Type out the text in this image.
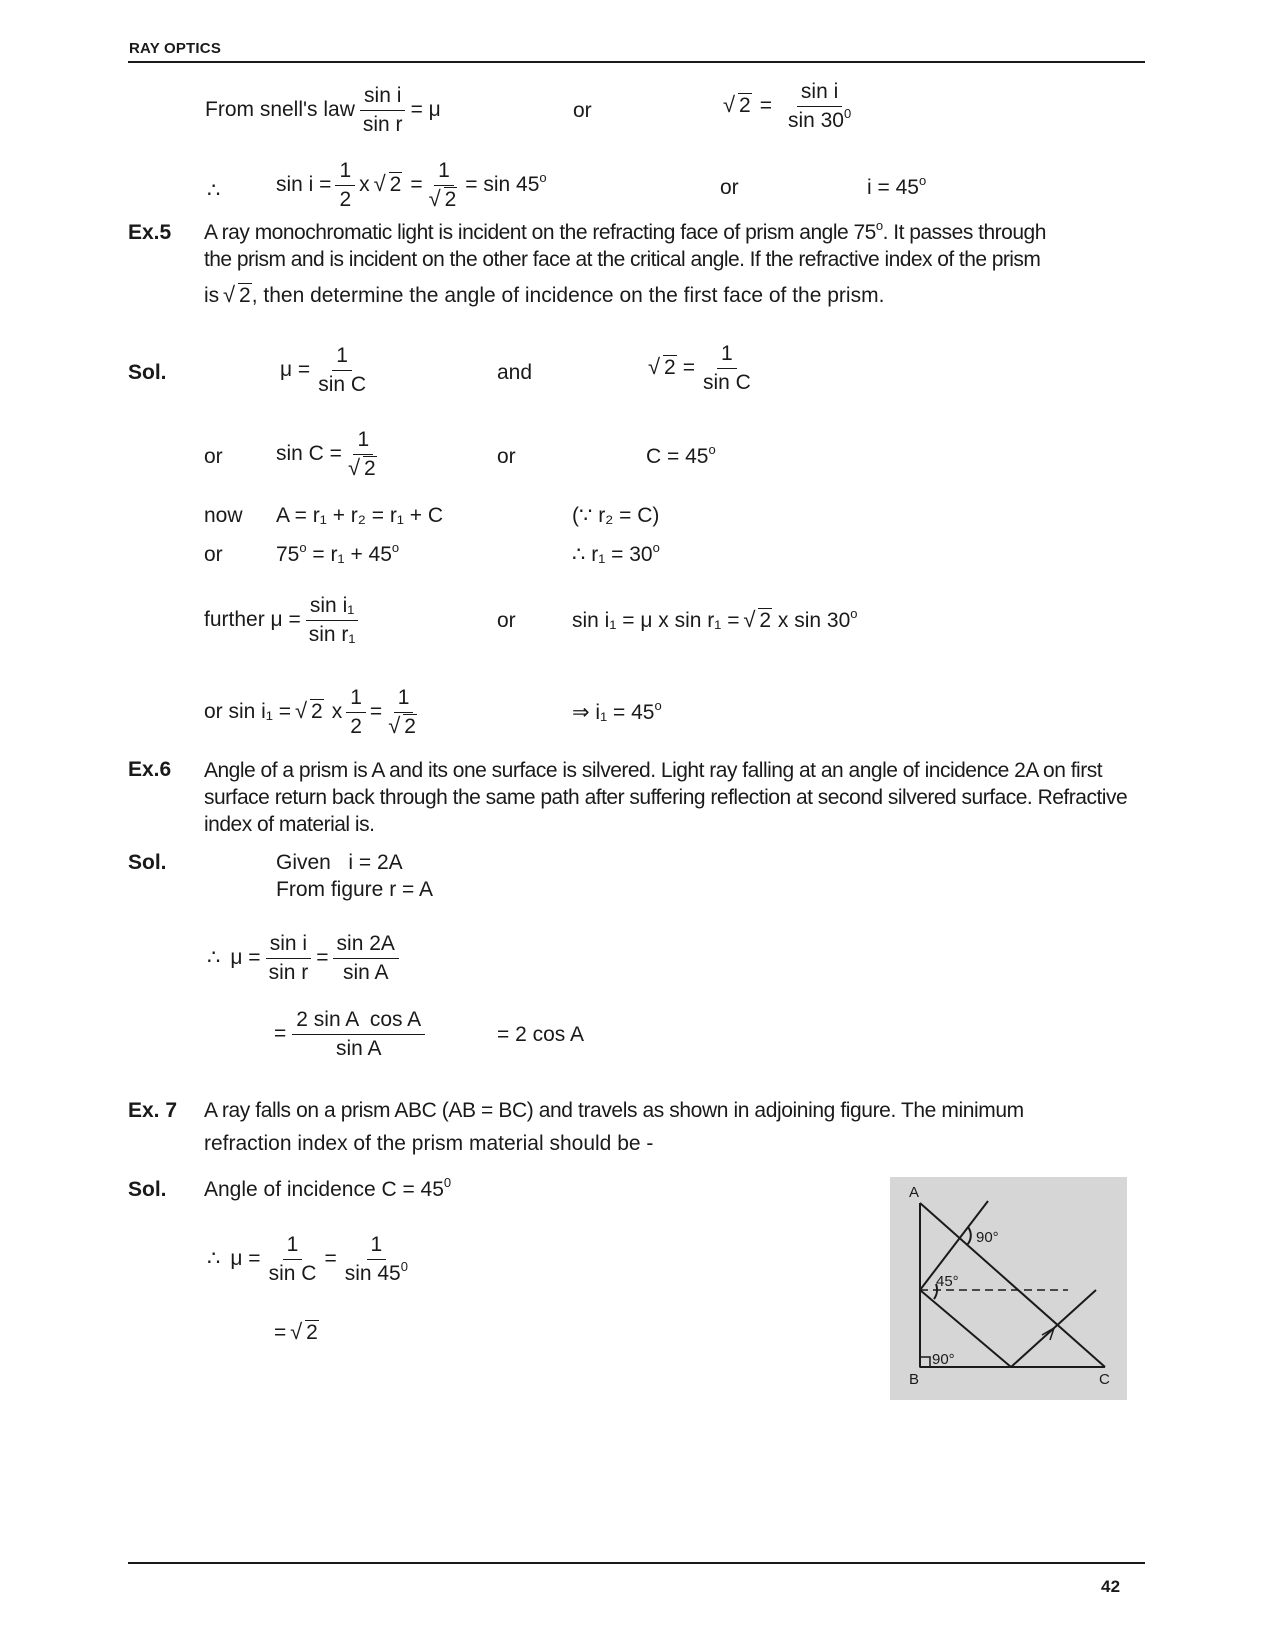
RAY OPTICS
From snell's law $\frac{\text{sin i}}{\text{sin r}} = \mu$	or	√ $2 = \frac{\text{sin i}}{\sin 30^0}$
∴	$\sin i = \frac{1}{2}$ x √ 2 = 1
√ 2 = sin 45$^o$	or	$i = 45^o$
Ex.5 A ray monochromatic light is incident on the refracting face of prism angle 75$^o$. It passes through
the prism and is incident on the other face at the critical angle. If the refractive index of the prism
is √ 2, then determine the angle of incidence on the first face of the prism.
Sol.	$\mu = \frac{1}{\text{sin C}}$	and	√ $2 = \frac{1}{\text{sin C}}$
or	sin C = 1
√ 2	or	$C = 45^o$
now A = r₁ + r₂ = r₁ + C	(∵ r₂ = C)
or	$75^o = r_1 + 45^o$	∴ $r_1 = 30^o$
further $\mu = \frac{\text{sin i₁}}{\text{sin r₁}}$	or	sin i₁ = μ x sin r₁ = √ 2 x sin 30$^o$
or sin i₁ = √ 2 x $\frac{1}{2} = 1$
√ 2	⇒ $i_1 = 45^o$
Ex.6 Angle of a prism is A and its one surface is silvered. Light ray falling at an angle of incidence 2A on first surface return back through the same path after suffering reflection at second silvered surface. Refractive index of material is.
Sol.	Given   i = 2A
From figure r = A
∴ $\mu = \frac{\text{sin i}}{\text{sin r}} = \frac{\sin 2A}{\text{sin A}}$
= $\frac{\text{2 sin A  cos A}}{\text{sin A}}$	= 2 cos A
Ex. 7 A ray falls on a prism ABC (AB = BC) and travels as shown in adjoining figure. The minimum
refraction index of the prism material should be -
Sol. Angle of incidence $C = 45^0$
∴ $\mu = \frac{1}{\text{sin C}} = \frac{1}{\sin 45^0}$
= √ 2
A
B	C
90°
45°
90°
42
